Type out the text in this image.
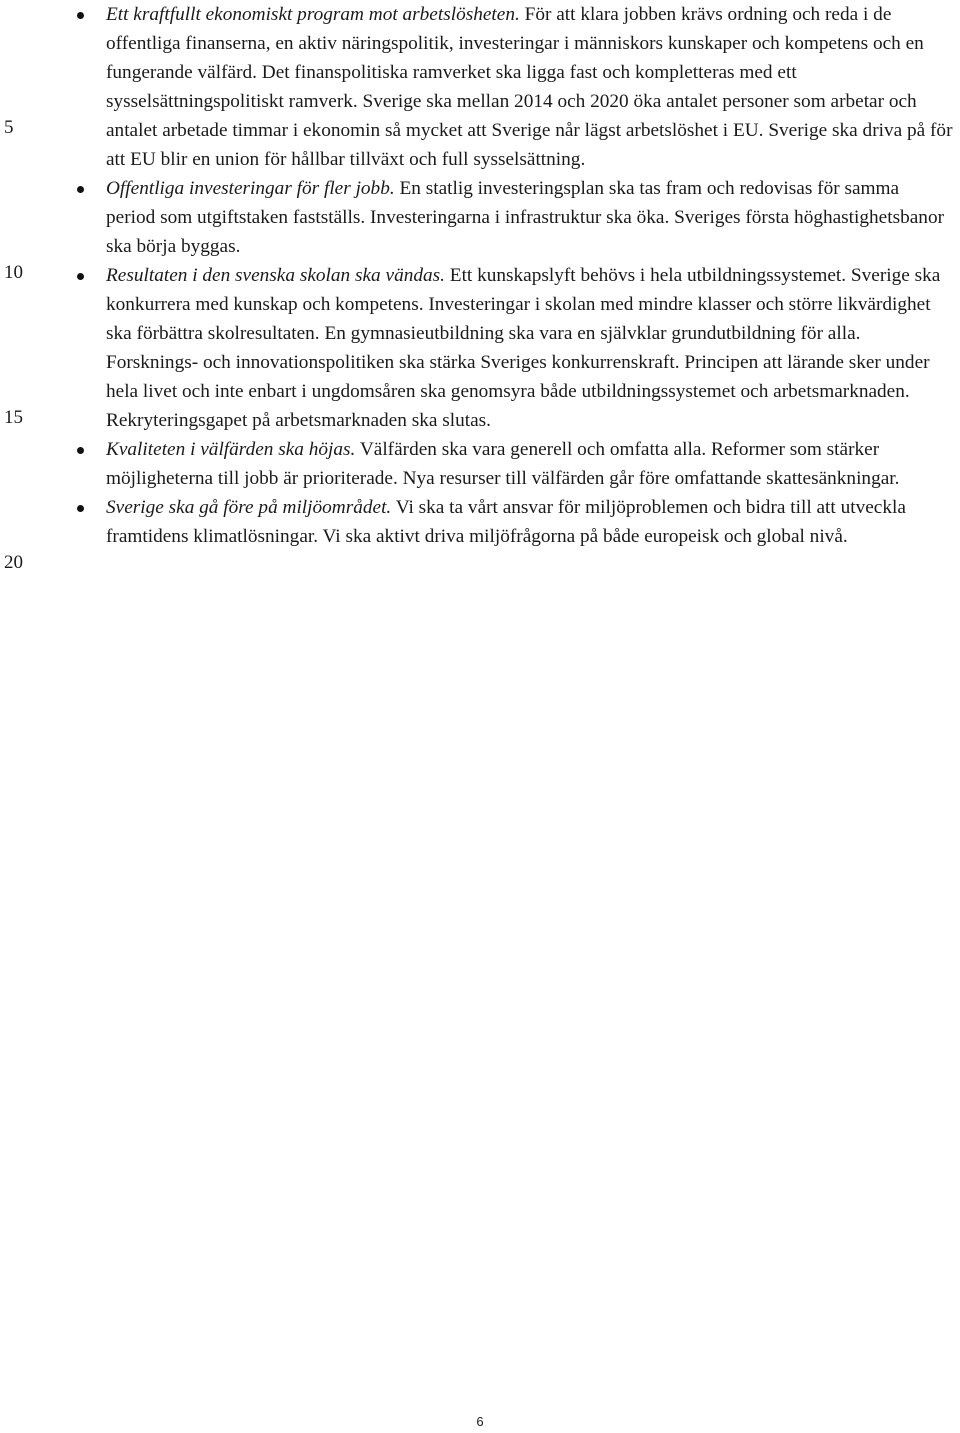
5
10
15
20
Ett kraftfullt ekonomiskt program mot arbetslösheten. För att klara jobben krävs ordning och reda i de offentliga finanserna, en aktiv näringspolitik, investeringar i människors kunskaper och kompetens och en fungerande välfärd. Det finanspolitiska ramverket ska ligga fast och kompletteras med ett sysselsättningspolitiskt ramverk. Sverige ska mellan 2014 och 2020 öka antalet personer som arbetar och antalet arbetade timmar i ekonomin så mycket att Sverige når lägst arbetslöshet i EU. Sverige ska driva på för att EU blir en union för hållbar tillväxt och full sysselsättning.
Offentliga investeringar för fler jobb. En statlig investeringsplan ska tas fram och redovisas för samma period som utgiftstaken fastställs. Investeringarna i infrastruktur ska öka. Sveriges första höghastighetsbanor ska börja byggas.
Resultaten i den svenska skolan ska vändas. Ett kunskapslyft behövs i hela utbildningssystemet. Sverige ska konkurrera med kunskap och kompetens. Investeringar i skolan med mindre klasser och större likvärdighet ska förbättra skolresultaten. En gymnasieutbildning ska vara en självklar grundutbildning för alla. Forsknings- och innovationspolitiken ska stärka Sveriges konkurrenskraft. Principen att lärande sker under hela livet och inte enbart i ungdomsåren ska genomsyra både utbildningssystemet och arbetsmarknaden. Rekryteringsgapet på arbetsmarknaden ska slutas.
Kvaliteten i välfärden ska höjas. Välfärden ska vara generell och omfatta alla. Reformer som stärker möjligheterna till jobb är prioriterade. Nya resurser till välfärden går före omfattande skattesänkningar.
Sverige ska gå före på miljöområdet. Vi ska ta vårt ansvar för miljöproblemen och bidra till att utveckla framtidens klimatlösningar. Vi ska aktivt driva miljöfrågorna på både europeisk och global nivå.
6
